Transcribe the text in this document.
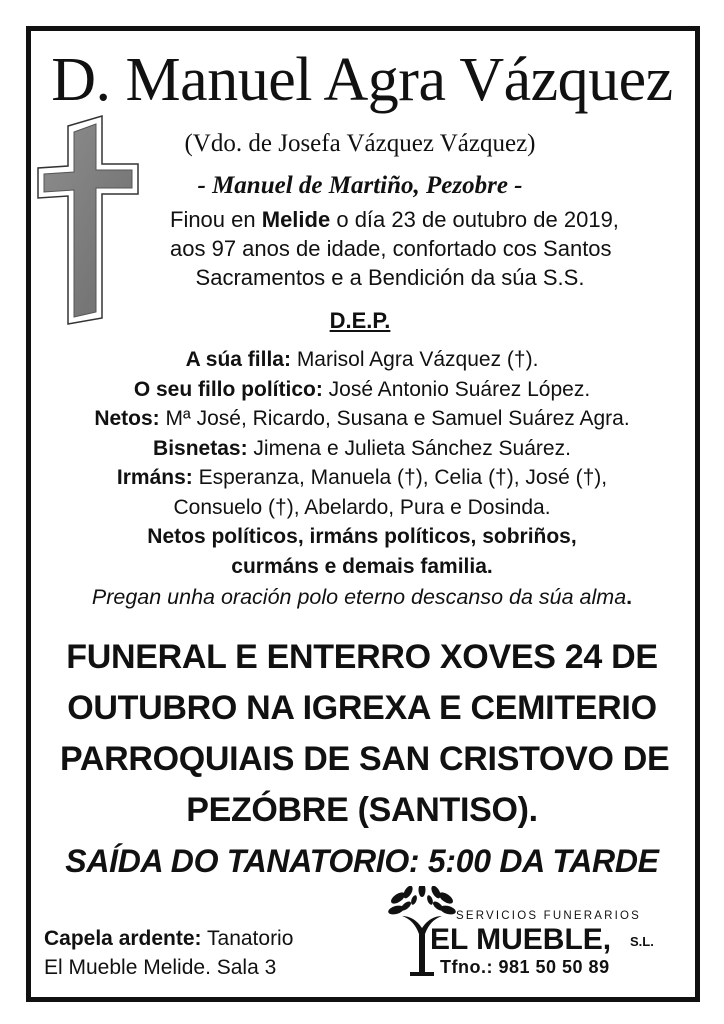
D. Manuel Agra Vázquez
(Vdo. de Josefa Vázquez Vázquez)
- Manuel de Martiño, Pezobre -
Finou en Melide o día 23 de outubro de 2019,
aos 97 anos de idade, confortado cos Santos
Sacramentos e a Bendición da súa S.S.
D.E.P.
A súa filla: Marisol Agra Vázquez (†).
O seu fillo político: José Antonio Suárez López.
Netos: Mª José, Ricardo, Susana e Samuel Suárez Agra.
Bisnetas: Jimena e Julieta Sánchez Suárez.
Irmáns: Esperanza, Manuela (†), Celia (†), José (†),
Consuelo (†), Abelardo, Pura e Dosinda.
Netos políticos, irmáns políticos, sobriños,
curmáns e demais familia.
Pregan unha oración polo eterno descanso da súa alma.
FUNERAL E ENTERRO XOVES 24 DE
OUTUBRO NA IGREXA E CEMITERIO
PARROQUIAIS DE SAN CRISTOVO DE
PEZÓBRE (SANTISO).
SAÍDA DO TANATORIO: 5:00 DA TARDE
Capela ardente: Tanatorio
El Mueble Melide. Sala 3
SERVICIOS FUNERARIOS
EL MUEBLE, S.L.
Tfno.: 981 50 50 89
